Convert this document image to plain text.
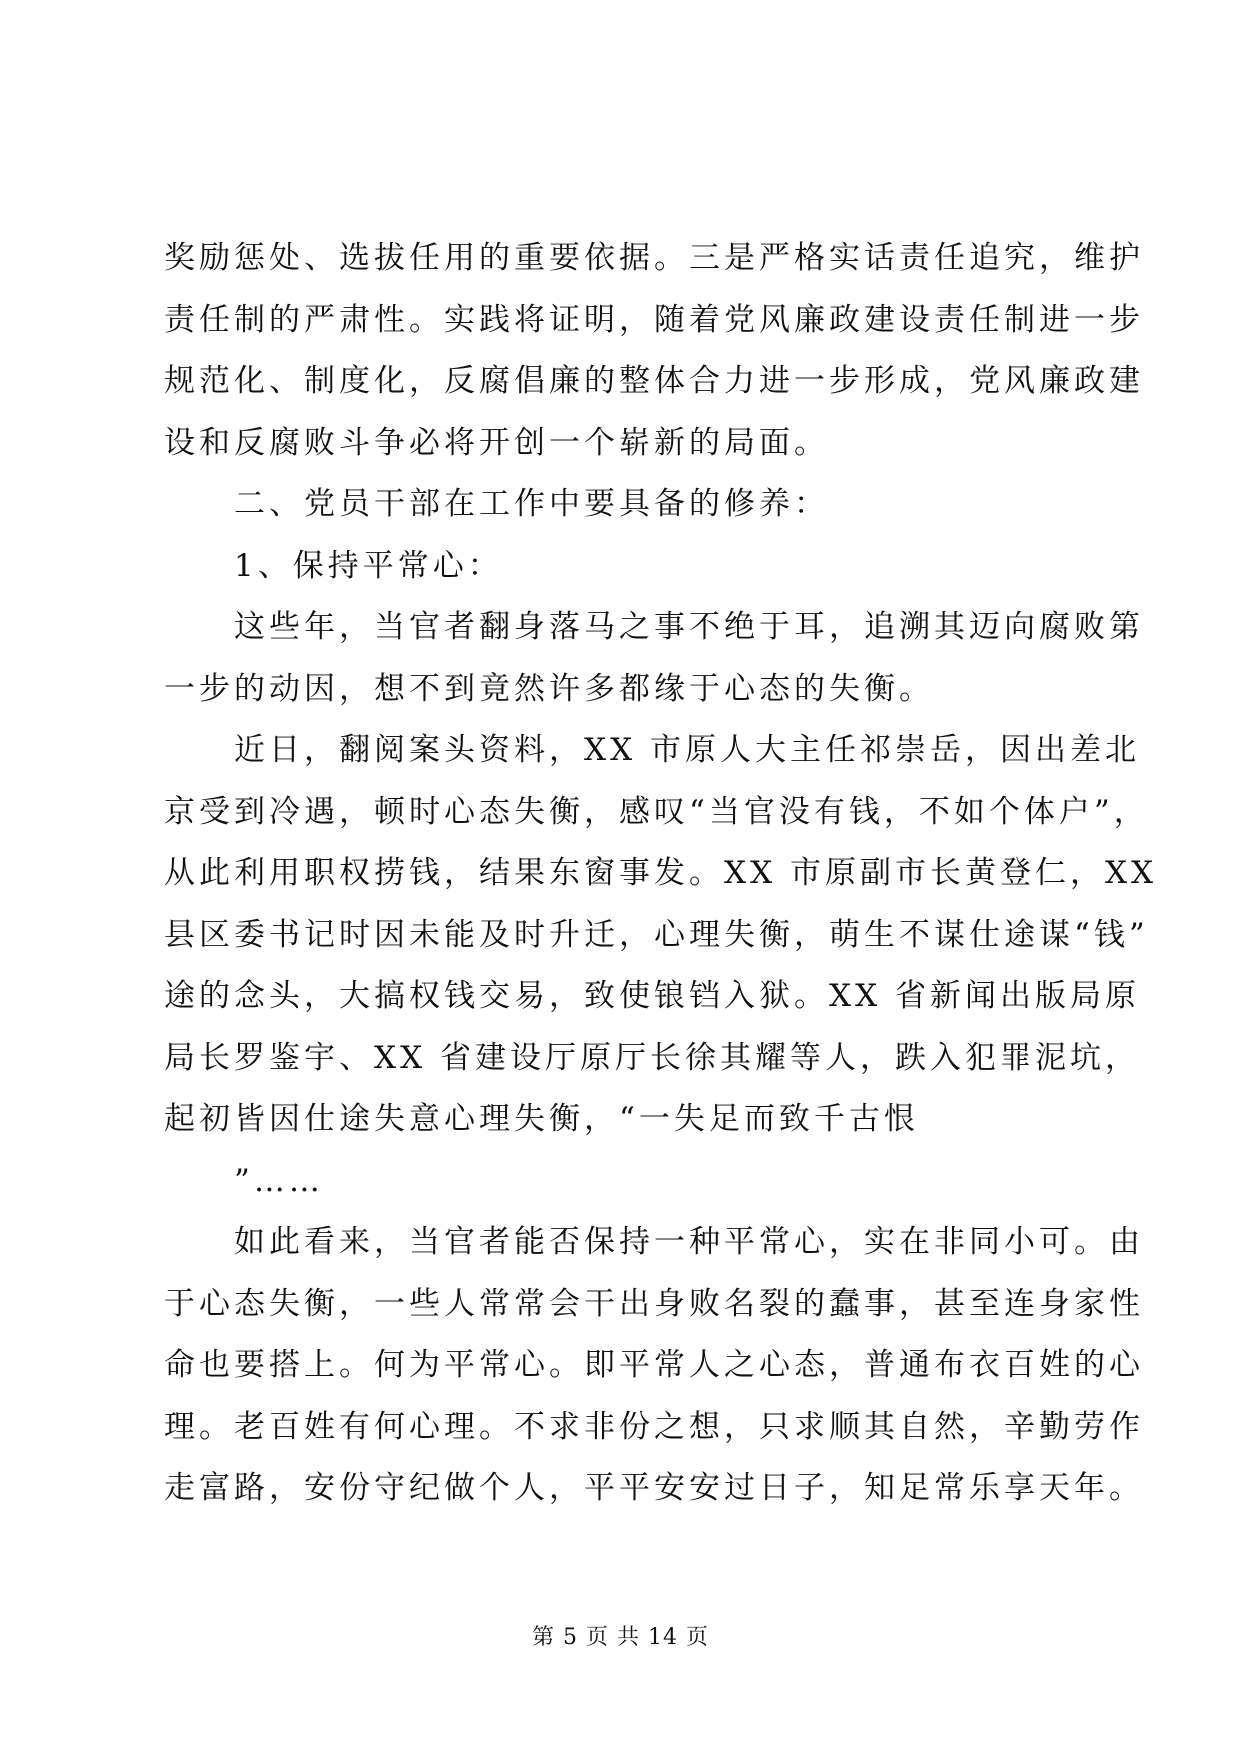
奖励惩处、选拔任用的重要依据。三是严格实话责任追究，维护
责任制的严肃性。实践将证明，随着党风廉政建设责任制进一步
规范化、制度化，反腐倡廉的整体合力进一步形成，党风廉政建
设和反腐败斗争必将开创一个崭新的局面。

二、党员干部在工作中要具备的修养：

1、保持平常心：

这些年，当官者翻身落马之事不绝于耳，追溯其迈向腐败第
一步的动因，想不到竟然许多都缘于心态的失衡。

近日，翻阅案头资料，XX 市原人大主任祁崇岳，因出差北
京受到冷遇，顿时心态失衡，感叹“当官没有钱，不如个体户”，
从此利用职权捞钱，结果东窗事发。XX 市原副市长黄登仁，XX
县区委书记时因未能及时升迁，心理失衡，萌生不谋仕途谋“钱”
途的念头，大搞权钱交易，致使锒铛入狱。XX 省新闻出版局原
局长罗鉴宇、XX 省建设厅原厅长徐其耀等人，跌入犯罪泥坑，
起初皆因仕途失意心理失衡，“一失足而致千古恨
”……

如此看来，当官者能否保持一种平常心，实在非同小可。由
于心态失衡，一些人常常会干出身败名裂的蠢事，甚至连身家性
命也要搭上。何为平常心。即平常人之心态，普通布衣百姓的心
理。老百姓有何心理。不求非份之想，只求顺其自然，辛勤劳作
走富路，安份守纪做个人，平平安安过日子，知足常乐享天年。

第 5 页 共 14 页
